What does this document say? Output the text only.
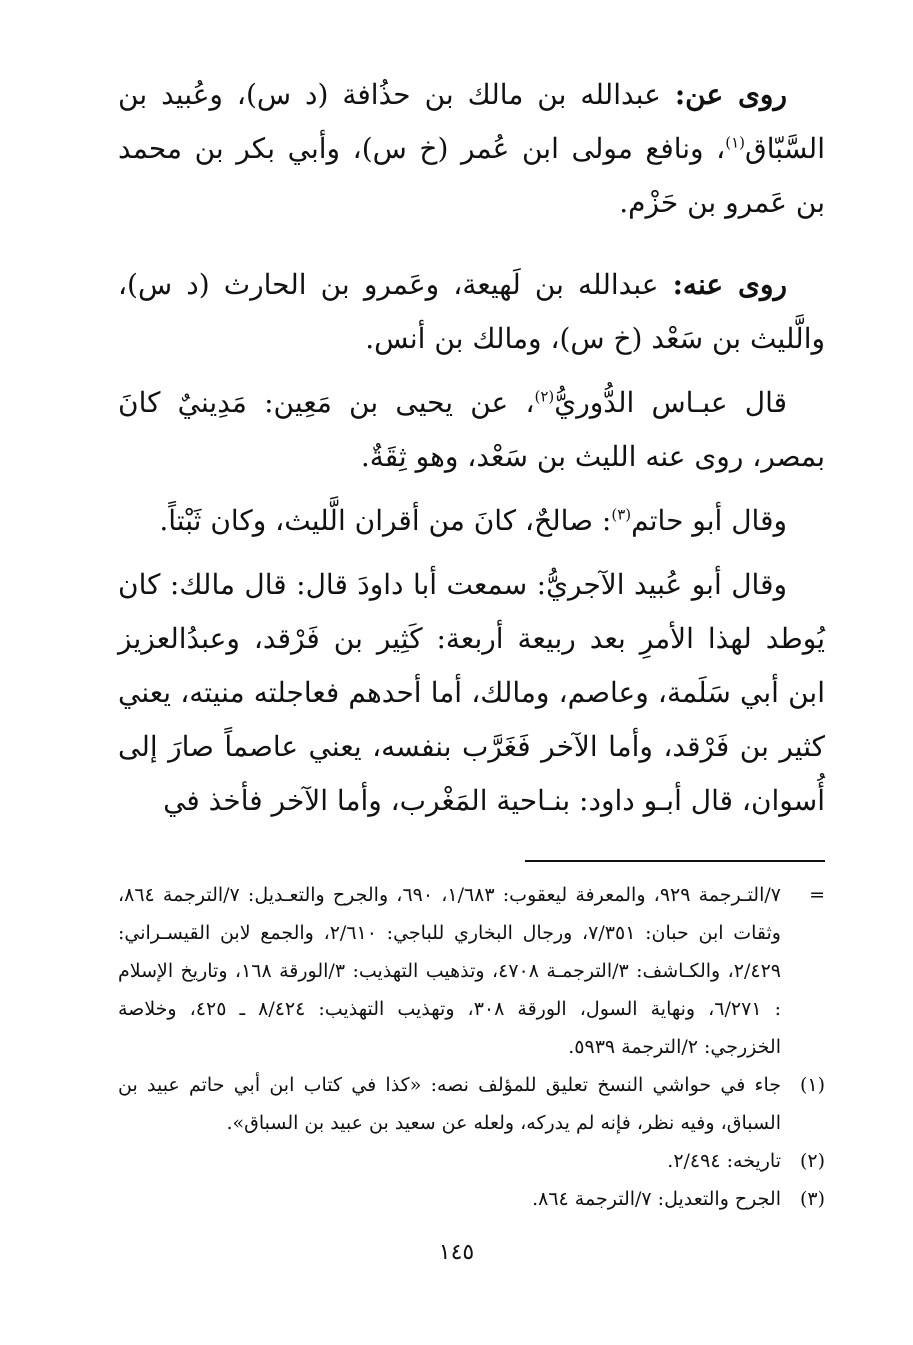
روى عن: عبدالله بن مالك بن حذُافة (د س)، وعُبيد بن السَّبّاق$^{(١)}$، ونافع مولى ابن عُمر (خ س)، وأبي بكر بن محمد بن عَمرو بن حَزْم.

روى عنه: عبدالله بن لَهيعة، وعَمرو بن الحارث (د س)، والَّليث بن سَعْد (خ س)، ومالك بن أنس.

قال عبـاس الدُّوريُّ$^{(٢)}$، عن يحيى بن مَعِين: مَدِينيٌ كانَ بمصر، روى عنه الليث بن سَعْد، وهو ثِقَةٌ.

وقال أبو حاتم$^{(٣)}$: صالحٌ، كانَ من أقران الَّليث، وكان ثَبْتاً.

وقال أبو عُبيد الآجريُّ: سمعت أبا داودَ قال: قال مالك: كان يُوطد لهذا الأمرِ بعد ربيعة أربعة: كَثِير بن فَرْقد، وعبدُالعزيز ابن أبي سَلَمة، وعاصم، ومالك، أما أحدهم فعاجلته منيته، يعني كثير بن فَرْقد، وأما الآخر فَغَرَّب بنفسه، يعني عاصماً صارَ إلى أُسوان، قال أبـو داود: بنـاحية المَغْرب، وأما الآخر فأخذ في

=
٧/التـرجمة ٩٢٩، والمعرفة ليعقوب: ١/٦٨٣، ٦٩٠، والجرح والتعـديل: ٧/الترجمة ٨٦٤، وثقات ابن حبان: ٧/٣٥١، ورجال البخاري للباجي: ٢/٦١٠، والجمع لابن القيسـراني: ٢/٤٢٩، والكـاشف: ٣/الترجمـة ٤٧٠٨، وتذهيب التهذيب: ٣/الورقة ١٦٨، وتاريخ الإسلام : ٦/٢٧١، ونهاية السول، الورقة ٣٠٨، وتهذيب التهذيب: ٨/٤٢٤ ـ ٤٢٥، وخلاصة الخزرجي: ٢/الترجمة ٥٩٣٩.
(١)
جاء في حواشي النسخ تعليق للمؤلف نصه: «كذا في كتاب ابن أبي حاتم عبيد بن السباق، وفيه نظر، فإنه لم يدركه، ولعله عن سعيد بن عبيد بن السباق».
(٢)
تاريخه: ٢/٤٩٤.
(٣)
الجرح والتعديل: ٧/الترجمة ٨٦٤.
١٤٥
